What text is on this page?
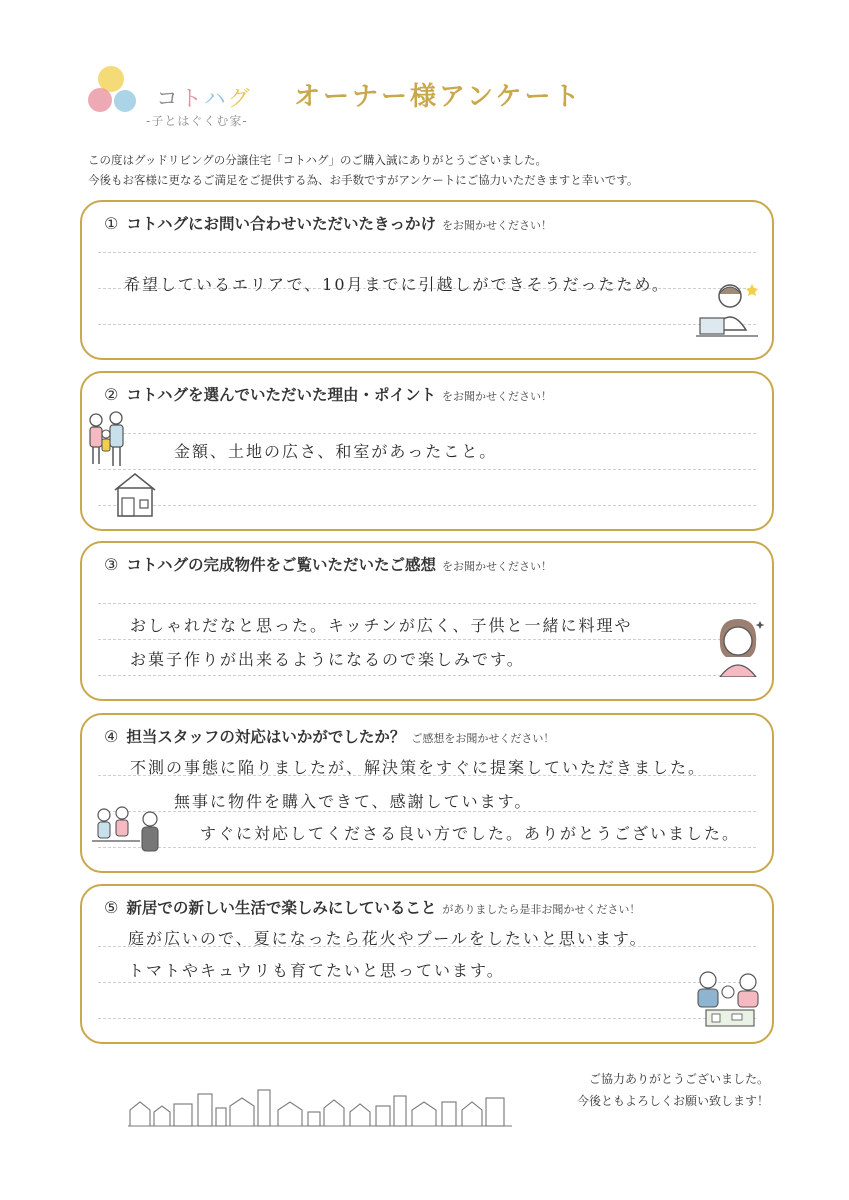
コトハグ
-子とはぐくむ家-
オーナー様アンケート
この度はグッドリビングの分譲住宅「コトハグ」のご購入誠にありがとうございました。
今後もお客様に更なるご満足をご提供する為、お手数ですがアンケートにご協力いただきますと幸いです。
① コトハグにお問い合わせいただいたきっかけ をお聞かせください！
希望しているエリアで、10月までに引越しができそうだったため。
② コトハグを選んでいただいた理由・ポイント をお聞かせください！
金額、土地の広さ、和室があったこと。
③ コトハグの完成物件をご覧いただいたご感想 をお聞かせください！
おしゃれだなと思った。キッチンが広く、子供と一緒に料理や
お菓子作りが出来るようになるので楽しみです。
④ 担当スタッフの対応はいかがでしたか？ ご感想をお聞かせください！
不測の事態に陥りましたが、解決策をすぐに提案していただきました。
無事に物件を購入できて、感謝しています。
すぐに対応してくださる良い方でした。ありがとうございました。
⑤ 新居での新しい生活で楽しみにしていること がありましたら是非お聞かせください！
庭が広いので、夏になったら花火やプールをしたいと思います。
トマトやキュウリも育てたいと思っています。
ご協力ありがとうございました。
今後ともよろしくお願い致します！
